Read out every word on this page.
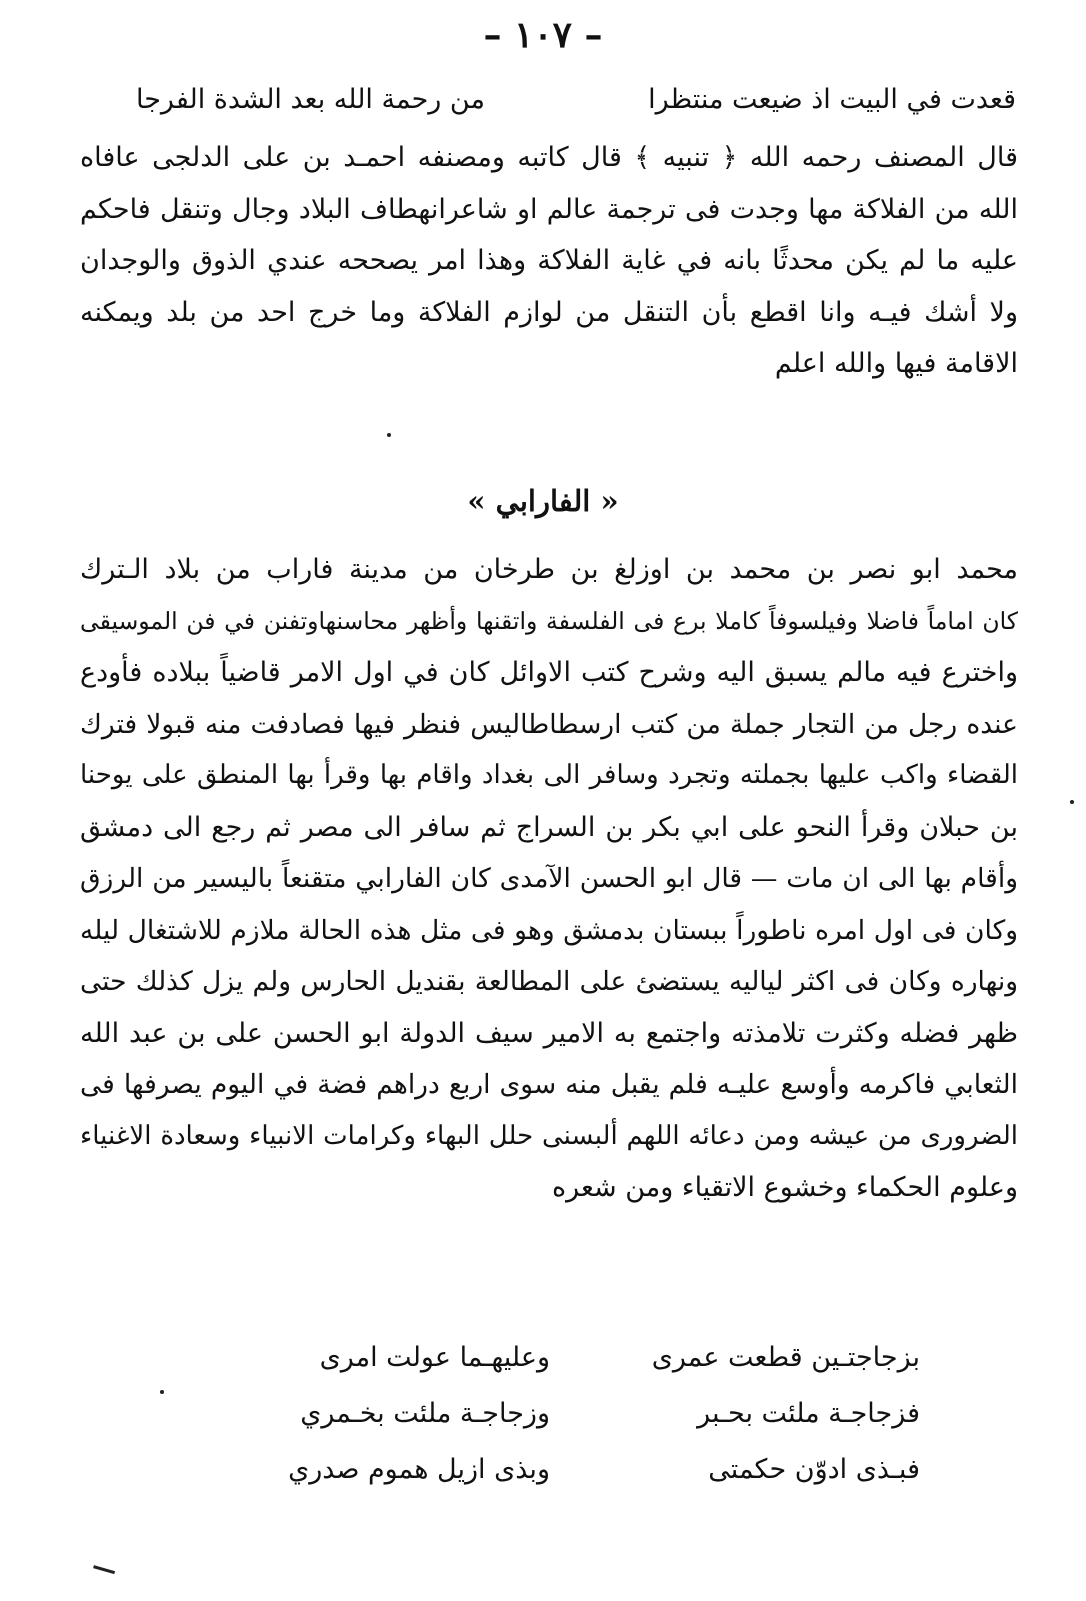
– ١٠٧ –
قعدت في البيت اذ ضيعت منتظرا
من رحمة الله بعد الشدة الفرجا

قال المصنف رحمه الله ﴿ تنبيه ﴾ قال كاتبه ومصنفه احمـد بن على الدلجى عافاه
الله من الفلاكة مها وجدت فى ترجمة عالم او شاعرانهطاف البلاد وجال وتنقل فاحكم
عليه ما لم يكن محدثًا بانه في غاية الفلاكة وهذا امر يصححه عندي الذوق والوجدان
ولا أشك فيـه وانا اقطع بأن التنقل من لوازم الفلاكة وما خرج احد من بلد ويمكنه
الاقامة فيها والله اعلم

« الفارابي »

محمد ابو نصر بن محمد بن اوزلغ بن طرخان من مدينة فاراب من بلاد الـترك
كان اماماً فاضلا وفيلسوفاً كاملا برع فى الفلسفة واتقنها وأظهر محاسنهاوتفنن في فن الموسيقى
واخترع فيه مالم يسبق اليه وشرح كتب الاوائل كان في اول الامر قاضياً ببلاده فأودع
عنده رجل من التجار جملة من كتب ارسطاطاليس فنظر فيها فصادفت منه قبولا فترك
القضاء واكب عليها بجملته وتجرد وسافر الى بغداد واقام بها وقرأ بها المنطق على يوحنا
بن حبلان وقرأ النحو على ابي بكر بن السراج ثم سافر الى مصر ثم رجع الى دمشق
وأقام بها الى ان مات — قال ابو الحسن الآمدى كان الفارابي متقنعاً باليسير من الرزق
وكان فى اول امره ناطوراً ببستان بدمشق وهو فى مثل هذه الحالة ملازم للاشتغال ليله
ونهاره وكان فى اكثر لياليه يستضئ على المطالعة بقنديل الحارس ولم يزل كذلك حتى
ظهر فضله وكثرت تلامذته واجتمع به الامير سيف الدولة ابو الحسن على بن عبد الله
الثعابي فاكرمه وأوسع عليـه فلم يقبل منه سوى اربع دراهم فضة في اليوم يصرفها فى
الضرورى من عيشه ومن دعائه اللهم ألبسنى حلل البهاء وكرامات الانبياء وسعادة الاغنياء
وعلوم الحكماء وخشوع الاتقياء ومن شعره

بزجاجتـين قطعت عمرى
وعليهـما عولت امرى
فزجاجـة ملئت بحـبر
وزجاجـة ملئت بخـمري
فبـذى ادوّن حكمتى
وبذى ازيل هموم صدري
